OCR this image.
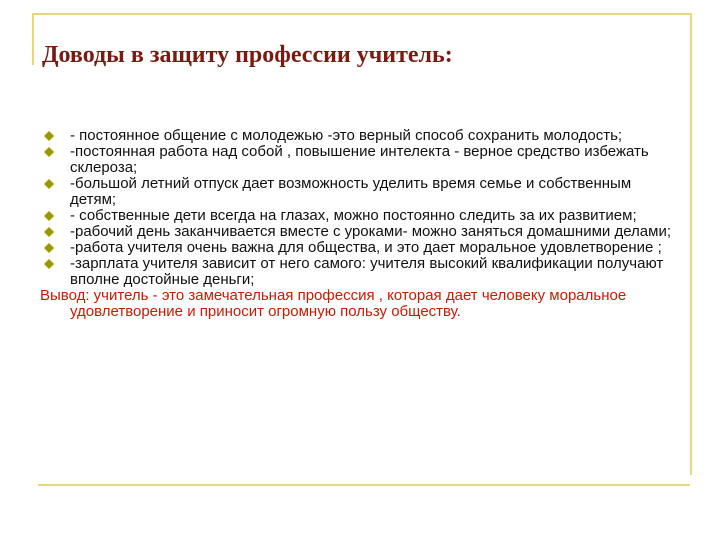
Доводы в защиту профессии учитель:
- постоянное общение с молодежью -это верный способ сохранить молодость;
-постоянная работа над собой , повышение интелекта - верное средство избежать склероза;
-большой летний отпуск дает возможность уделить время семье и собственным детям;
- собственные дети всегда на глазах, можно постоянно следить за их развитием;
-рабочий день заканчивается вместе с уроками- можно заняться домашними делами;
-работа учителя очень важна для общества, и это дает моральное удовлетворение ;
-зарплата учителя зависит от него самого: учителя высокий квалификации получают вполне достойные деньги;
Вывод: учитель - это замечательная профессия , которая дает человеку моральное удовлетворение и приносит огромную пользу обществу.
